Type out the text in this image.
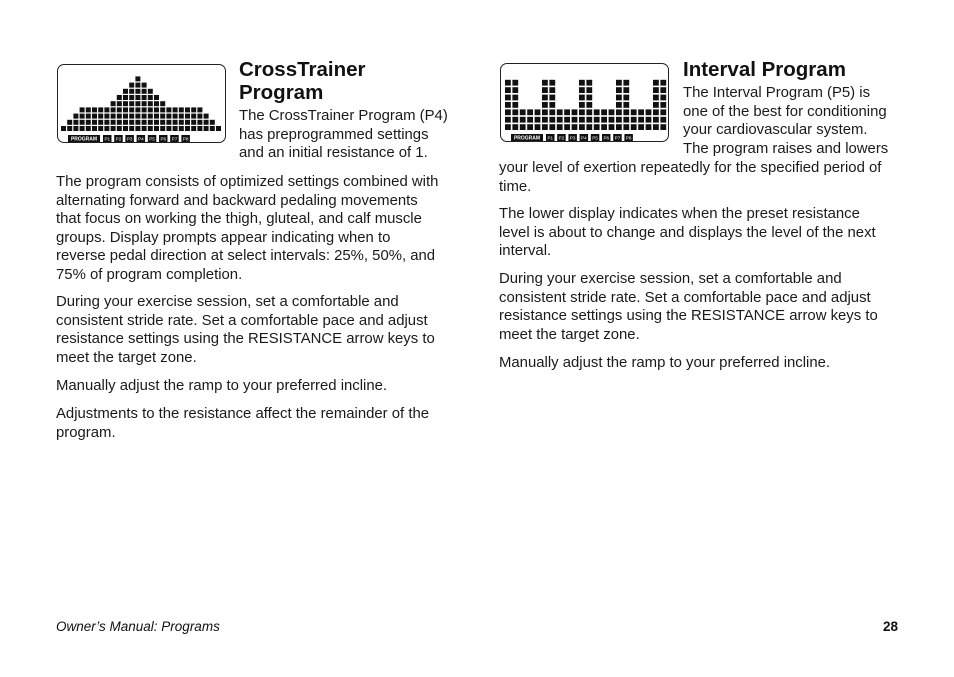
PROGRAM P1 P2 P3 P4 P5 P6 P7 P8
CrossTrainer
Program

The CrossTrainer Program (P4)
has preprogrammed settings
and an initial resistance of 1.

The program consists of optimized settings combined with
alternating forward and backward pedaling movements
that focus on working the thigh, gluteal, and calf muscle
groups. Display prompts appear indicating when to
reverse pedal direction at select intervals: 25%, 50%, and
75% of program completion.

During your exercise session, set a comfortable and
consistent stride rate. Set a comfortable pace and adjust
resistance settings using the RESISTANCE arrow keys to
meet the target zone.

Manually adjust the ramp to your preferred incline.

Adjustments to the resistance affect the remainder of the
program.

PROGRAM P1 P2 P3 P4 P5 P6 P7 P8
Interval Program

The Interval Program (P5) is
one of the best for conditioning
your cardiovascular system.
The program raises and lowers

your level of exertion repeatedly for the specified period of
time.

The lower display indicates when the preset resistance
level is about to change and displays the level of the next
interval.

During your exercise session, set a comfortable and
consistent stride rate. Set a comfortable pace and adjust
resistance settings using the RESISTANCE arrow keys to
meet the target zone.

Manually adjust the ramp to your preferred incline.

Owner’s Manual: Programs	28
